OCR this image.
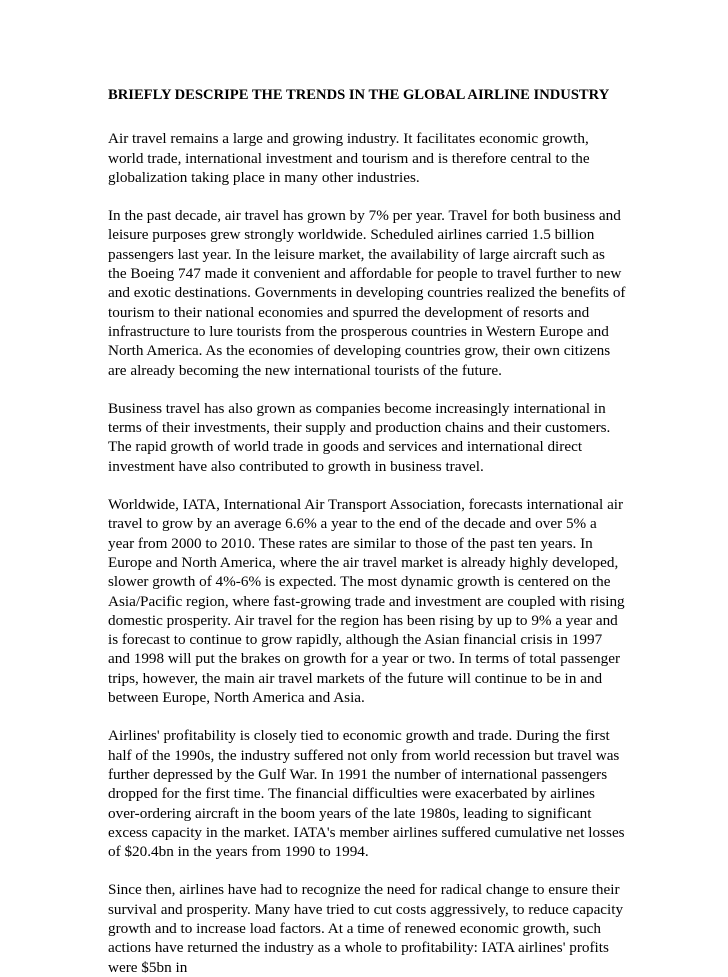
BRIEFLY DESCRIPE THE TRENDS IN THE GLOBAL AIRLINE INDUSTRY

Air travel remains a large and growing industry. It facilitates economic growth, world trade, international investment and tourism and is therefore central to the globalization taking place in many other industries.

In the past decade, air travel has grown by 7% per year. Travel for both business and leisure purposes grew strongly worldwide. Scheduled airlines carried 1.5 billion passengers last year. In the leisure market, the availability of large aircraft such as the Boeing 747 made it convenient and affordable for people to travel further to new and exotic destinations. Governments in developing countries realized the benefits of tourism to their national economies and spurred the development of resorts and infrastructure to lure tourists from the prosperous countries in Western Europe and North America. As the economies of developing countries grow, their own citizens are already becoming the new international tourists of the future.

Business travel has also grown as companies become increasingly international in terms of their investments, their supply and production chains and their customers. The rapid growth of world trade in goods and services and international direct investment have also contributed to growth in business travel.

Worldwide, IATA, International Air Transport Association, forecasts international air travel to grow by an average 6.6% a year to the end of the decade and over 5% a year from 2000 to 2010. These rates are similar to those of the past ten years. In Europe and North America, where the air travel market is already highly developed, slower growth of 4%-6% is expected. The most dynamic growth is centered on the Asia/Pacific region, where fast-growing trade and investment are coupled with rising domestic prosperity. Air travel for the region has been rising by up to 9% a year and is forecast to continue to grow rapidly, although the Asian financial crisis in 1997 and 1998 will put the brakes on growth for a year or two. In terms of total passenger trips, however, the main air travel markets of the future will continue to be in and between Europe, North America and Asia.

Airlines' profitability is closely tied to economic growth and trade. During the first half of the 1990s, the industry suffered not only from world recession but travel was further depressed by the Gulf War. In 1991 the number of international passengers dropped for the first time. The financial difficulties were exacerbated by airlines over-ordering aircraft in the boom years of the late 1980s, leading to significant excess capacity in the market. IATA's member airlines suffered cumulative net losses of $20.4bn in the years from 1990 to 1994.

Since then, airlines have had to recognize the need for radical change to ensure their survival and prosperity. Many have tried to cut costs aggressively, to reduce capacity growth and to increase load factors. At a time of renewed economic growth, such actions have returned the industry as a whole to profitability: IATA airlines' profits were $5bn in
